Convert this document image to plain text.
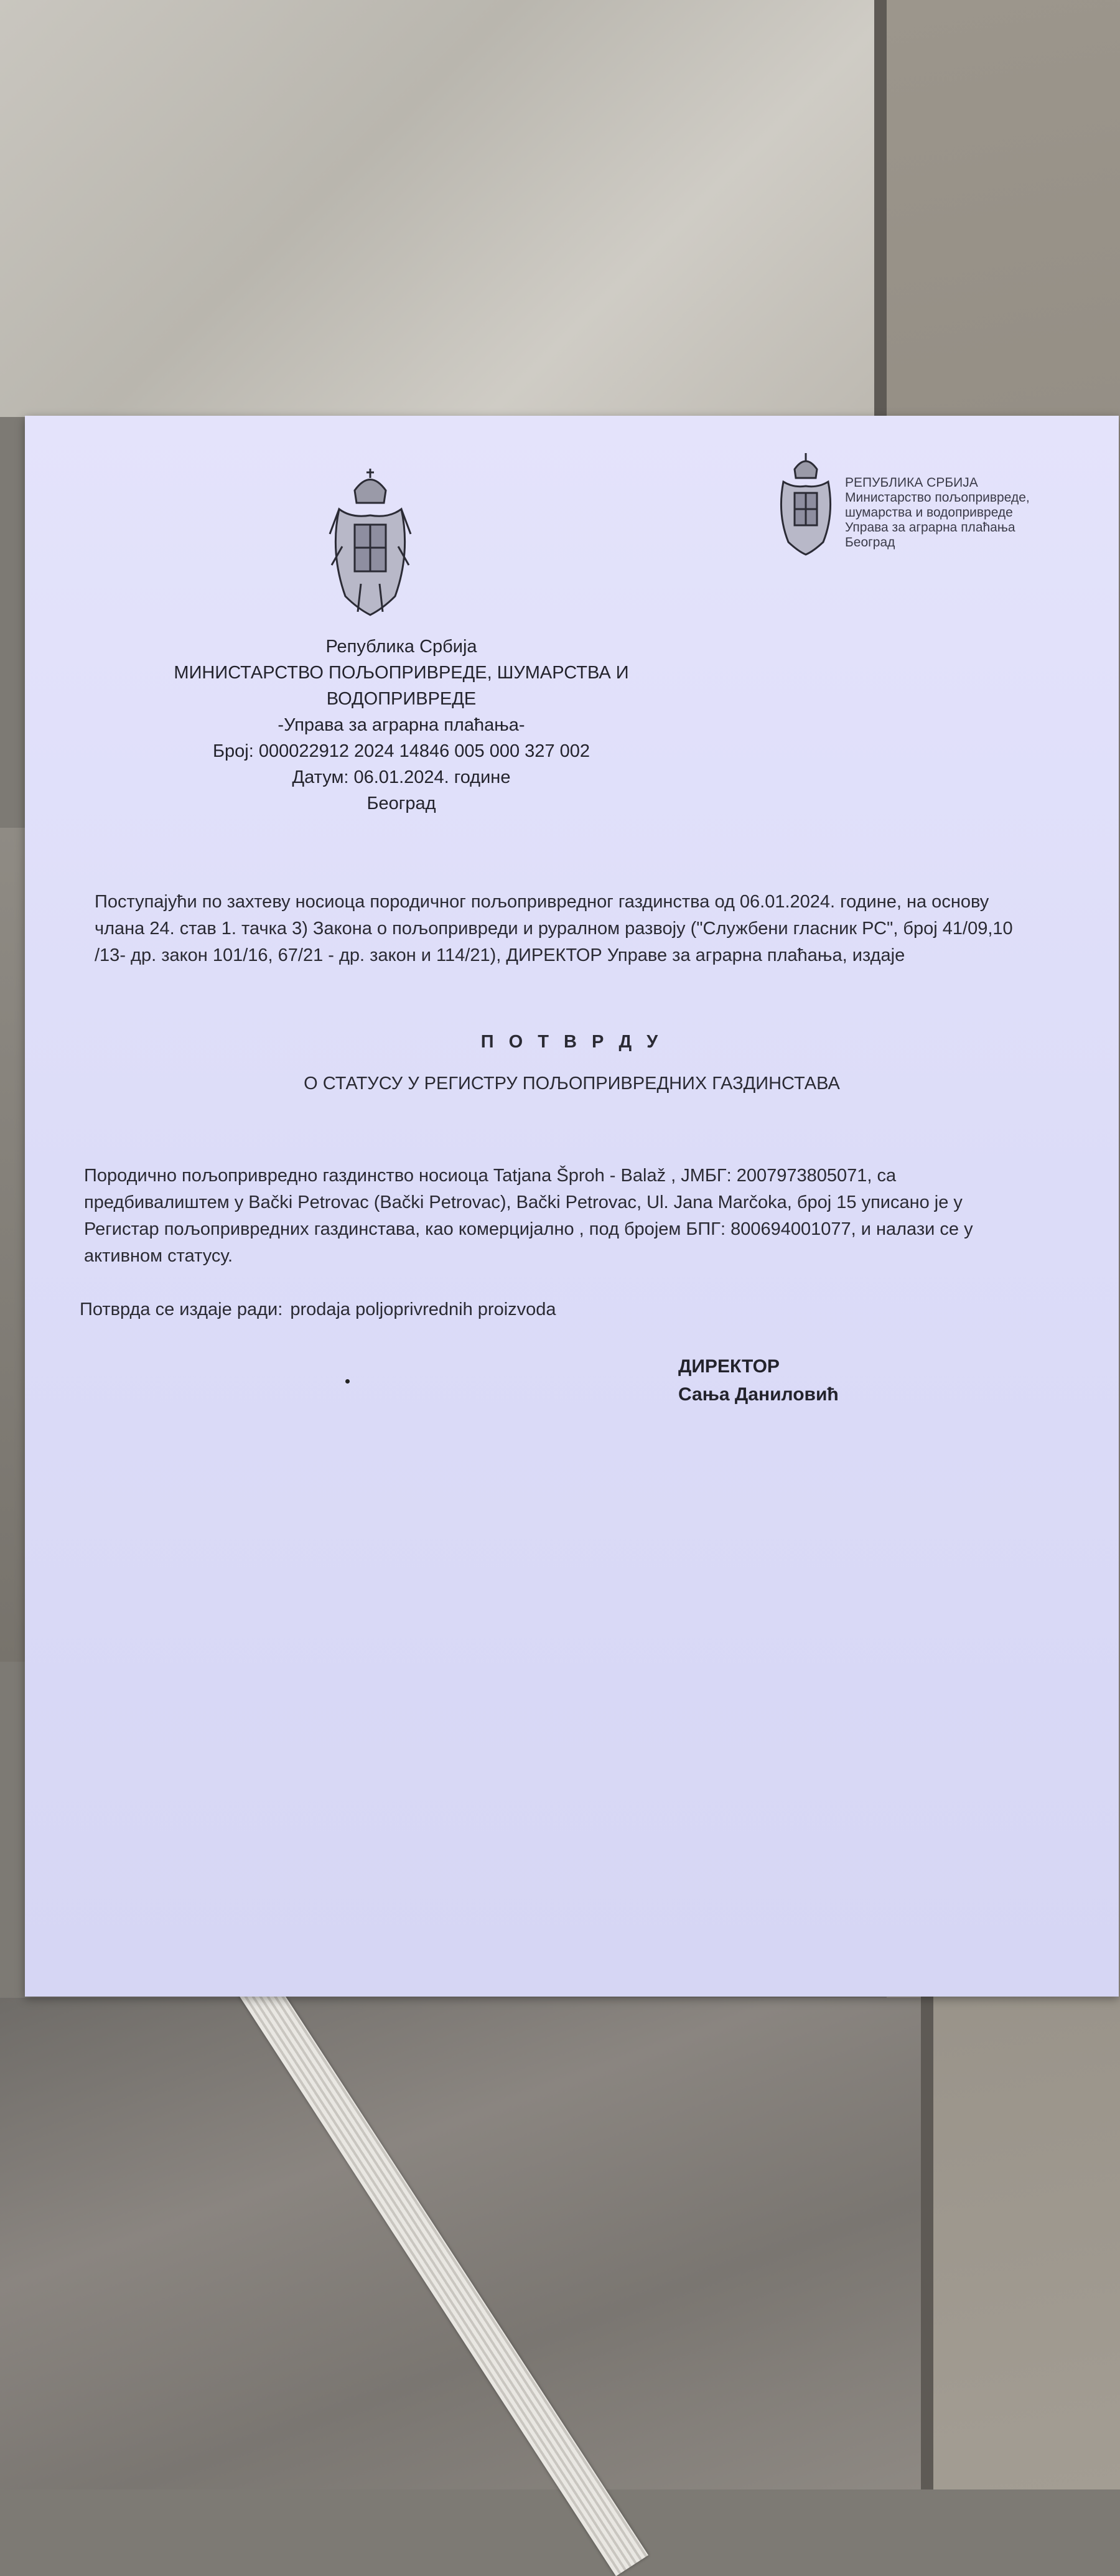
РЕПУБЛИКА СРБИЈА
Министарство пољопривреде,
шумарства и водопривреде
Управа за аграрна плаћања
Београд
Република Србија
МИНИСТАРСТВО ПОЉОПРИВРЕДЕ, ШУМАРСТВА И
ВОДОПРИВРЕДЕ
-Управа за аграрна плаћања-
Број: 000022912 2024 14846 005 000 327 002
Датум: 06.01.2024. године
Београд
Поступајући по захтеву носиоца породичног пољопривредног газдинства од 06.01.2024. године, на основу
члана 24. став 1. тачка 3) Закона о пољопривреди и руралном развоју ("Службени гласник РС", број 41/09,10
/13- др. закон 101/16, 67/21 - др. закон и 114/21), ДИРЕКТОР Управе за аграрна плаћања, издаје
П О Т В Р Д У
О СТАТУСУ У РЕГИСТРУ ПОЉОПРИВРЕДНИХ ГАЗДИНСТАВА
Породично пољопривредно газдинство носиоца Tatjana Šproh - Balaž , ЈМБГ: 2007973805071, са
предбивалиштем у Bački Petrovac (Bački Petrovac), Bački Petrovac, Ul. Jana Marčoka, број 15 уписано је у
Регистар пољопривредних газдинстава, као комерцијално , под бројем БПГ: 800694001077, и налази се у
активном статусу.
Потврда се издаје ради: prodaja poljoprivrednih proizvoda
ДИРЕКТОР
Сања Даниловић
